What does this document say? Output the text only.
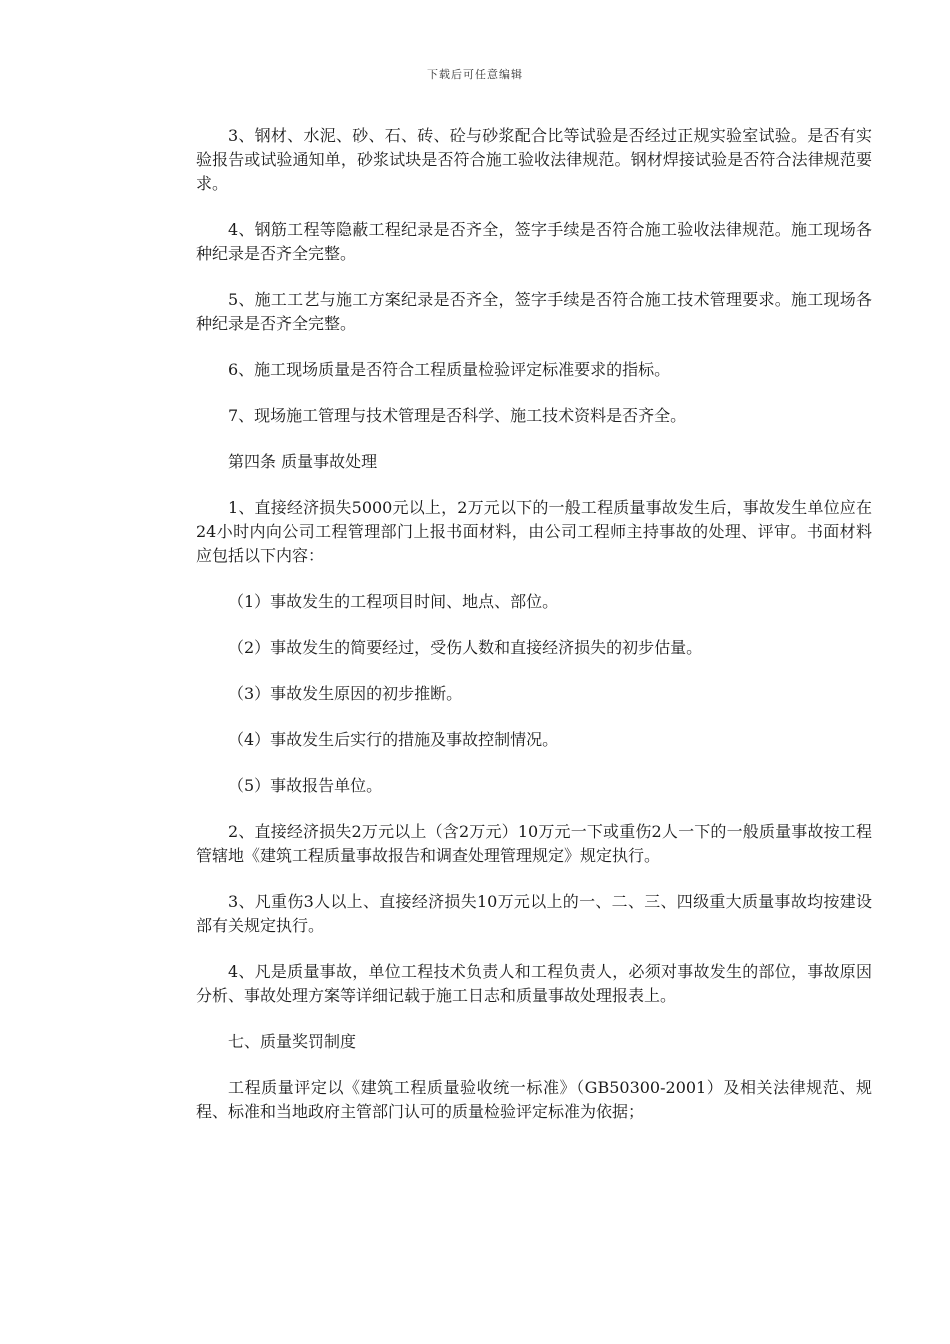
下载后可任意编辑

3、钢材、水泥、砂、石、砖、砼与砂浆配合比等试验是否经过正规实验室试验。是否有实验报告或试验通知单，砂浆试块是否符合施工验收法律规范。钢材焊接试验是否符合法律规范要求。

4、钢筋工程等隐蔽工程纪录是否齐全，签字手续是否符合施工验收法律规范。施工现场各种纪录是否齐全完整。

5、施工工艺与施工方案纪录是否齐全，签字手续是否符合施工技术管理要求。施工现场各种纪录是否齐全完整。

6、施工现场质量是否符合工程质量检验评定标准要求的指标。

7、现场施工管理与技术管理是否科学、施工技术资料是否齐全。

第四条 质量事故处理

1、直接经济损失5000元以上，2万元以下的一般工程质量事故发生后，事故发生单位应在24小时内向公司工程管理部门上报书面材料，由公司工程师主持事故的处理、评审。书面材料应包括以下内容：

（1）事故发生的工程项目时间、地点、部位。

（2）事故发生的简要经过，受伤人数和直接经济损失的初步估量。

（3）事故发生原因的初步推断。

（4）事故发生后实行的措施及事故控制情况。

（5）事故报告单位。

2、直接经济损失2万元以上（含2万元）10万元一下或重伤2人一下的一般质量事故按工程管辖地《建筑工程质量事故报告和调查处理管理规定》规定执行。

3、凡重伤3人以上、直接经济损失10万元以上的一、二、三、四级重大质量事故均按建设部有关规定执行。

4、凡是质量事故，单位工程技术负责人和工程负责人，必须对事故发生的部位，事故原因分析、事故处理方案等详细记载于施工日志和质量事故处理报表上。

七、质量奖罚制度

工程质量评定以《建筑工程质量验收统一标准》（GB50300-2001）及相关法律规范、规程、标准和当地政府主管部门认可的质量检验评定标准为依据；
